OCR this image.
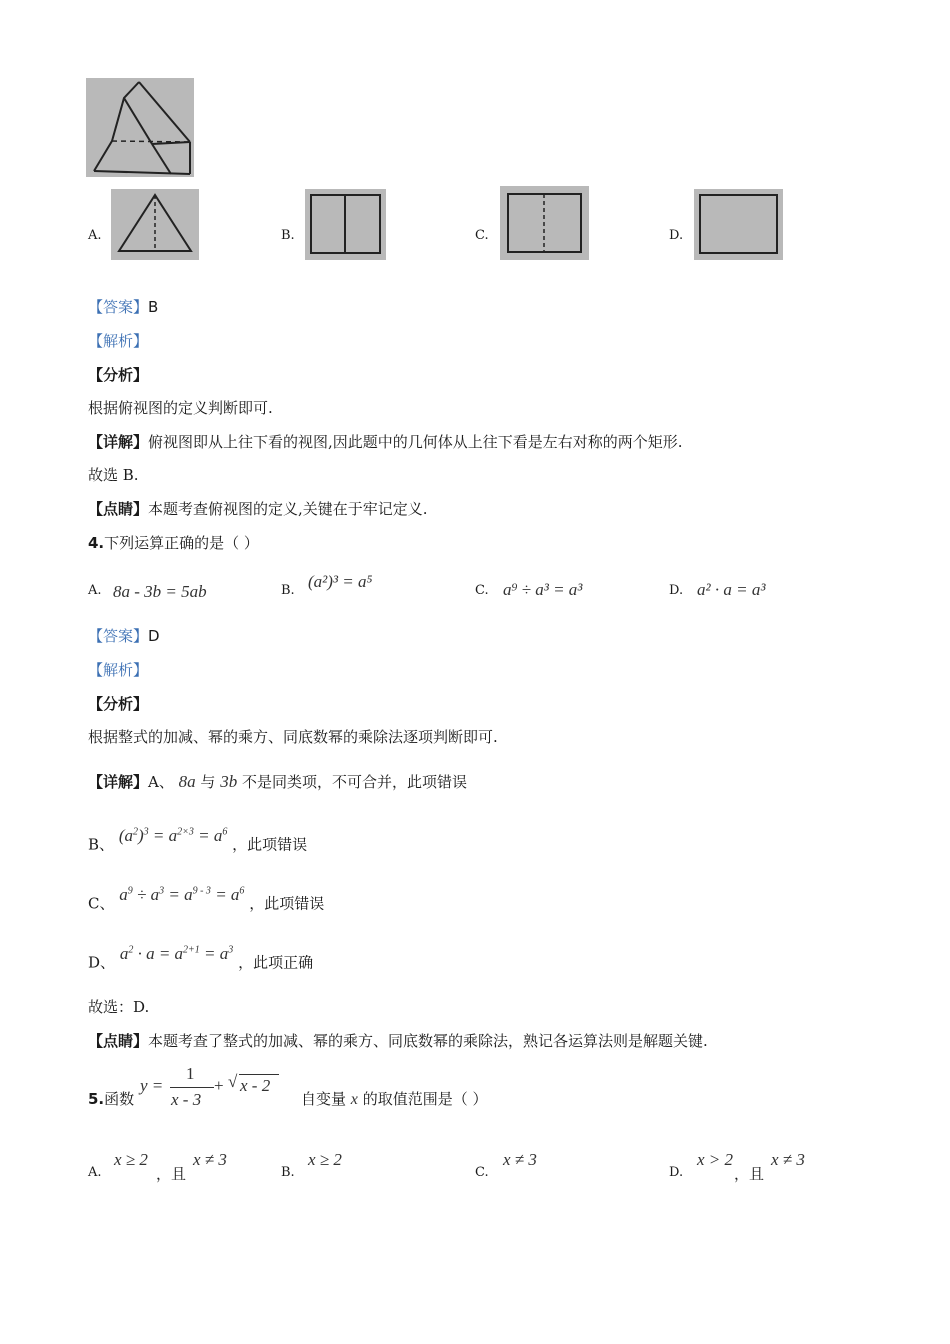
A.	B.	C.	D.
【答案】B
【解析】
【分析】
根据俯视图的定义判断即可.
【详解】俯视图即从上往下看的视图,因此题中的几何体从上往下看是左右对称的两个矩形.
故选 B.
【点睛】本题考查俯视图的定义,关键在于牢记定义.
4.下列运算正确的是（ ）
A. 8a - 3b = 5ab	B. (a²)³ = a⁵	C. a⁹ ÷ a³ = a³	D. a² · a = a³
【答案】D
【解析】
【分析】
根据整式的加减、幂的乘方、同底数幂的乘除法逐项判断即可.
【详解】A、 8a 与 3b 不是同类项，不可合并，此项错误
B、 $(a^2)^3 = a^{2\times 3} = a^6$ ，此项错误
C、 $a^9 \div a^3 = a^{9 - 3} = a^6$ ，此项错误
D、 $a^2 \cdot a = a^{2+1} = a^3$ ，此项正确
故选：D.
【点睛】本题考查了整式的加减、幂的乘方、同底数幂的乘除法，熟记各运算法则是解题关键.
5.函数
y =
1
x - 3
+ √ x - 2
自变量 x 的取值范围是（ ）
A.
x ≥ 2
，且
x ≠ 3
B.
x ≥ 2
C.
x ≠ 3
D.
x > 2
，且
x ≠ 3
